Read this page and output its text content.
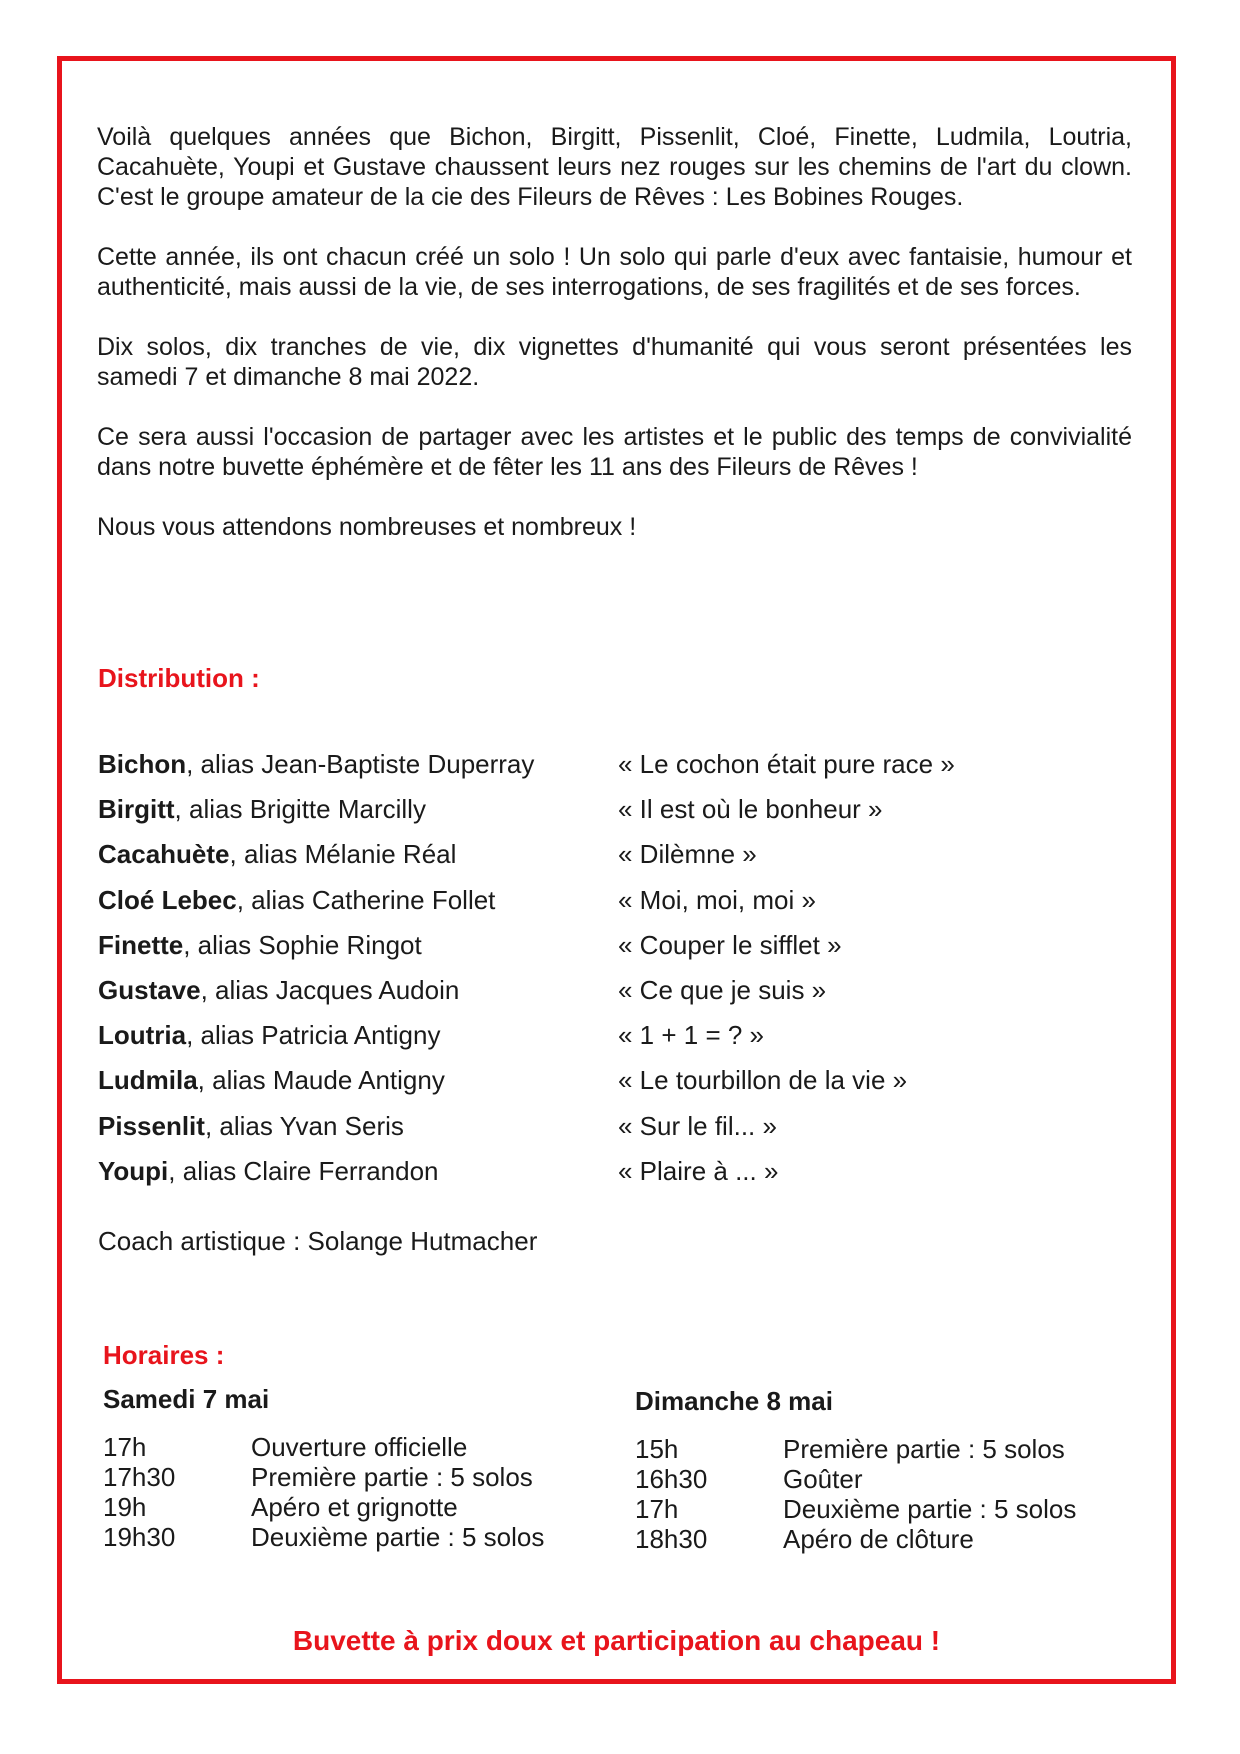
Voilà quelques années que Bichon, Birgitt, Pissenlit, Cloé, Finette, Ludmila, Loutria, Cacahuète, Youpi et Gustave chaussent leurs nez rouges sur les chemins de l'art du clown. C'est le groupe amateur de la cie des Fileurs de Rêves : Les Bobines Rouges.

Cette année, ils ont chacun créé un solo ! Un solo qui parle d'eux avec fantaisie, humour et authenticité, mais aussi de la vie, de ses interrogations, de ses fragilités et de ses forces.

Dix solos, dix tranches de vie, dix vignettes d'humanité qui vous seront présentées les samedi 7 et dimanche 8 mai 2022.

Ce sera aussi l'occasion de partager avec les artistes et le public des temps de convivialité dans notre buvette éphémère et de fêter les 11 ans des Fileurs de Rêves !

Nous vous attendons nombreuses et nombreux !

Distribution :
Bichon, alias Jean-Baptiste Duperray	« Le cochon était pure race »
Birgitt, alias Brigitte Marcilly	« Il est où le bonheur »
Cacahuète, alias Mélanie Réal	« Dilèmne »
Cloé Lebec, alias Catherine Follet	« Moi, moi, moi »
Finette, alias Sophie Ringot	« Couper le sifflet »
Gustave, alias Jacques Audoin	« Ce que je suis »
Loutria, alias Patricia Antigny	« 1 + 1 = ? »
Ludmila, alias Maude Antigny	« Le tourbillon de la vie »
Pissenlit, alias Yvan Seris	« Sur le fil... »
Youpi, alias Claire Ferrandon	« Plaire à ... »
Coach artistique : Solange Hutmacher
Horaires :
Samedi 7 mai
17h	Ouverture officielle
17h30	Première partie : 5 solos
19h	Apéro et grignotte
19h30	Deuxième partie : 5 solos
Dimanche 8 mai
15h	Première partie : 5 solos
16h30	Goûter
17h	Deuxième partie : 5 solos
18h30	Apéro de clôture
Buvette à prix doux et participation au chapeau !
